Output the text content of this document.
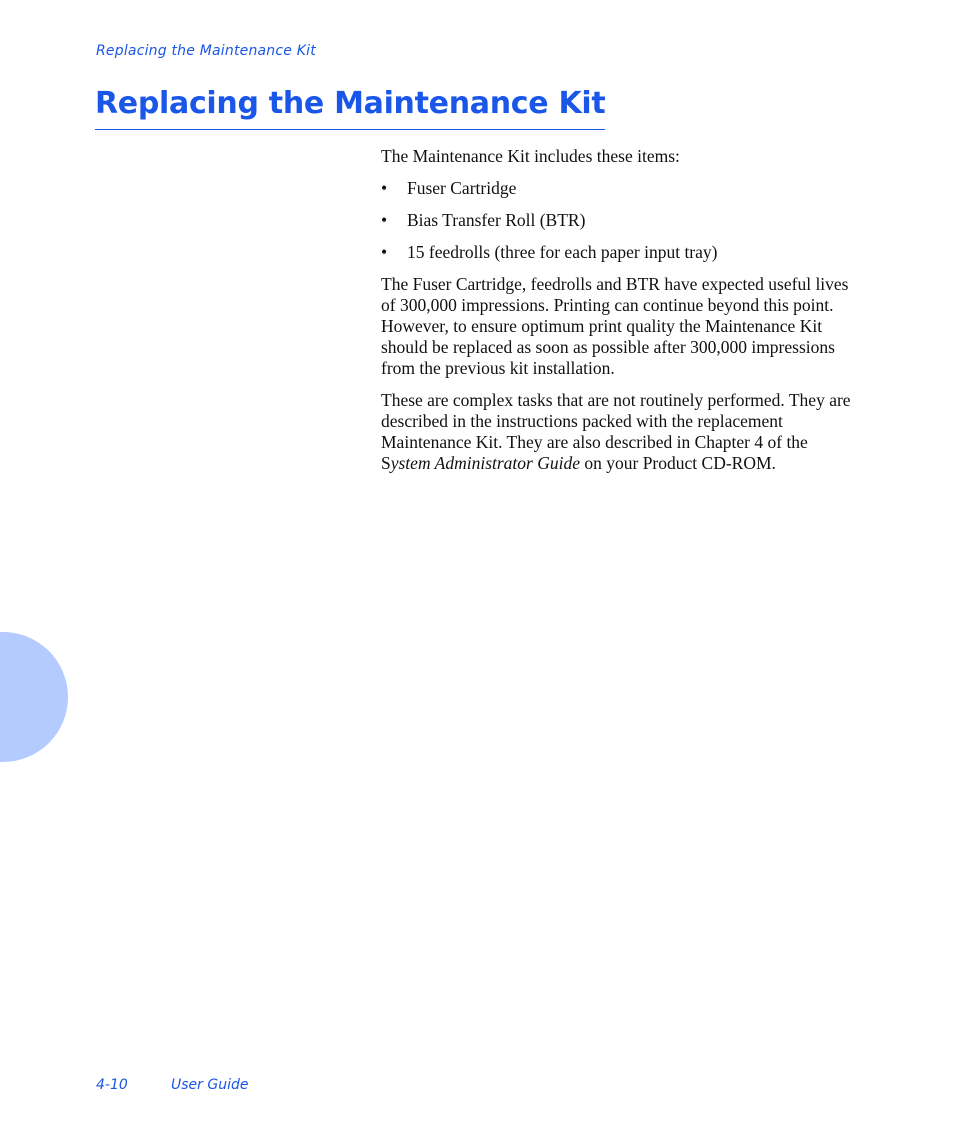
Replacing the Maintenance Kit
Replacing the Maintenance Kit

The Maintenance Kit includes these items:

• Fuser Cartridge
• Bias Transfer Roll (BTR)
• 15 feedrolls (three for each paper input tray)

The Fuser Cartridge, feedrolls and BTR have expected useful lives of 300,000 impressions. Printing can continue beyond this point. However, to ensure optimum print quality the Maintenance Kit should be replaced as soon as possible after 300,000 impressions from the previous kit installation.

These are complex tasks that are not routinely performed. They are described in the instructions packed with the replacement Maintenance Kit. They are also described in Chapter 4 of the System Administrator Guide on your Product CD-ROM.

4-10	User Guide
